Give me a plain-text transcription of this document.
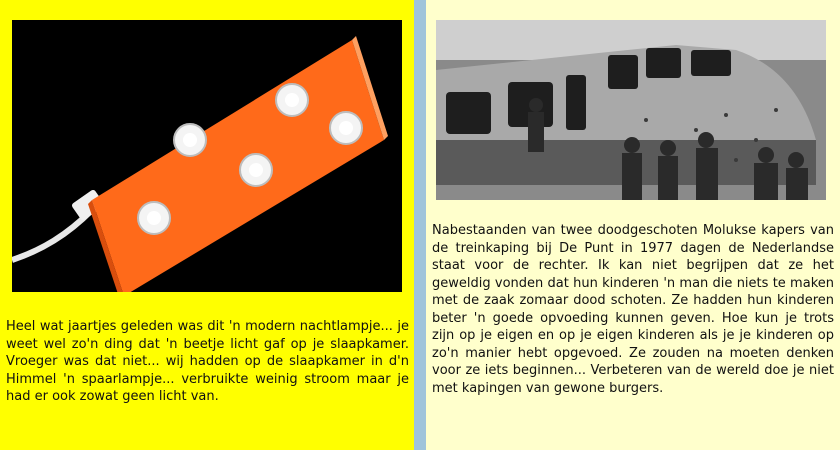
Heel wat jaartjes geleden was dit 'n modern nachtlampje... je weet wel zo'n ding dat 'n beetje licht gaf op je slaapkamer. Vroeger was dat niet... wij hadden op de slaapkamer in d'n Himmel 'n spaarlampje... verbruikte weinig stroom maar je had er ook zowat geen licht van.

Nabestaanden van twee doodgeschoten Molukse kapers van de treinkaping bij De Punt in 1977 dagen de Nederlandse staat voor de rechter. Ik kan niet begrijpen dat ze het geweldig vonden dat hun kinderen 'n man die niets te maken met de zaak zomaar dood schoten. Ze hadden hun kinderen beter 'n goede opvoeding kunnen geven. Hoe kun je trots zijn op je eigen en op je eigen kinderen als je je kinderen op zo'n manier hebt opgevoed. Ze zouden na moeten denken voor ze iets beginnen... Verbeteren van de wereld doe je niet met kapingen van gewone burgers.
